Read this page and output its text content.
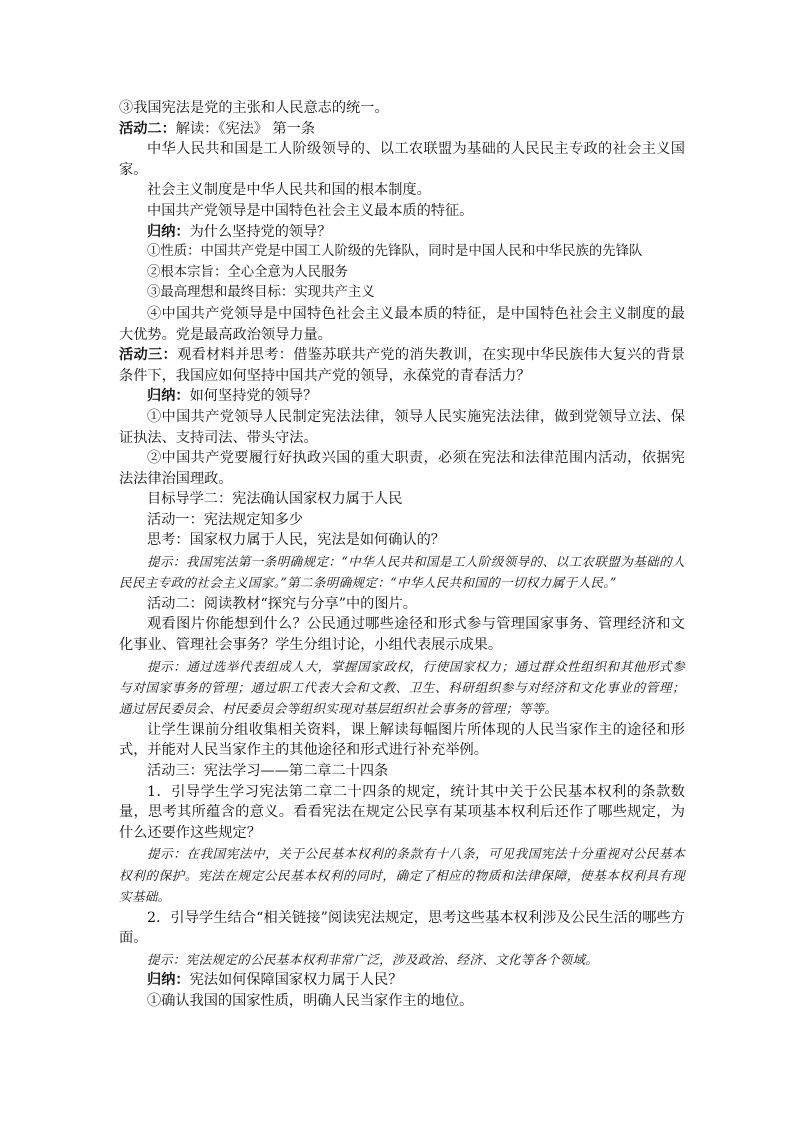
③我国宪法是党的主张和人民意志的统一。

活动二：解读：《宪法》 第一条

中华人民共和国是工人阶级领导的、以工农联盟为基础的人民民主专政的社会主义国家。

社会主义制度是中华人民共和国的根本制度。

中国共产党领导是中国特色社会主义最本质的特征。

归纳：为什么坚持党的领导？

①性质：中国共产党是中国工人阶级的先锋队，同时是中国人民和中华民族的先锋队

②根本宗旨：全心全意为人民服务

③最高理想和最终目标：实现共产主义

④中国共产党领导是中国特色社会主义最本质的特征，是中国特色社会主义制度的最大优势。党是最高政治领导力量。

活动三：观看材料并思考：借鉴苏联共产党的消失教训，在实现中华民族伟大复兴的背景条件下，我国应如何坚持中国共产党的领导，永葆党的青春活力？

归纳：如何坚持党的领导？

①中国共产党领导人民制定宪法法律，领导人民实施宪法法律，做到党领导立法、保证执法、支持司法、带头守法。

②中国共产党要履行好执政兴国的重大职责，必须在宪法和法律范围内活动，依据宪法法律治国理政。

目标导学二：宪法确认国家权力属于人民

活动一：宪法规定知多少

思考：国家权力属于人民，宪法是如何确认的？

提示：我国宪法第一条明确规定：“中华人民共和国是工人阶级领导的、以工农联盟为基础的人民民主专政的社会主义国家。”第二条明确规定：“中华人民共和国的一切权力属于人民。”

活动二：阅读教材“探究与分享”中的图片。

观看图片你能想到什么？公民通过哪些途径和形式参与管理国家事务、管理经济和文化事业、管理社会事务？学生分组讨论，小组代表展示成果。

提示：通过选举代表组成人大，掌握国家政权，行使国家权力；通过群众性组织和其他形式参与对国家事务的管理；通过职工代表大会和文教、卫生、科研组织参与对经济和文化事业的管理；通过居民委员会、村民委员会等组织实现对基层组织社会事务的管理；等等。

让学生课前分组收集相关资料，课上解读每幅图片所体现的人民当家作主的途径和形式，并能对人民当家作主的其他途径和形式进行补充举例。

活动三：宪法学习——第二章二十四条

1．引导学生学习宪法第二章二十四条的规定，统计其中关于公民基本权利的条款数量，思考其所蕴含的意义。看看宪法在规定公民享有某项基本权利后还作了哪些规定，为什么还要作这些规定？

提示：在我国宪法中，关于公民基本权利的条款有十八条，可见我国宪法十分重视对公民基本权利的保护。宪法在规定公民基本权利的同时，确定了相应的物质和法律保障，使基本权利具有现实基础。

2．引导学生结合“相关链接”阅读宪法规定，思考这些基本权利涉及公民生活的哪些方面。

提示：宪法规定的公民基本权利非常广泛，涉及政治、经济、文化等各个领域。

归纳：宪法如何保障国家权力属于人民？

①确认我国的国家性质，明确人民当家作主的地位。
